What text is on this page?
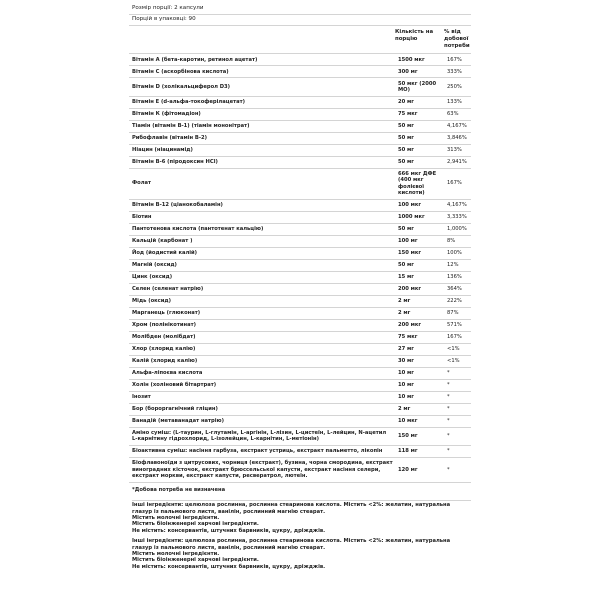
Розмір порції: 2 капсули
Порцій в упаковці: 90
Кількість на порцію
% від добової потреби
Вітамін А (бета-каротин, ретинол ацетат)	1500 мкг	167%
Вітамін С (аскорбінова кислота)	300 мг	333%
Вітамін D (холікальциферол D3)	50 мкг (2000 МО)	250%
Вітамін Е (d-альфа-токоферілацетат)	20 мг	133%
Вітамін К (фітомадіон)	75 мкг	63%
Тіамін (вітамін В-1) (тіамін мононітрат)	50 мг	4,167%
Рибофлавін (вітамін В-2)	50 мг	3,846%
Ніацин (ніацинамід)	50 мг	313%
Вітамін В-6 (піродоксин HCl)	50 мг	2,941%
Фолат	666 мкг ДФЕ (400 мкг фолієвої кислоти)	167%
Вітамін В-12 (ціанокобаламін)	100 мкг	4,167%
Біотин	1000 мкг	3,333%
Пантотенова кислота (пантотенат кальцію)	50 мг	1,000%
Кальцій (карбонат )	100 мг	8%
Йод (йодистий калій)	150 мкг	100%
Магній (оксид)	50 мг	12%
Цинк (оксид)	15 мг	136%
Селен (селенат натрію)	200 мкг	364%
Мідь (оксид)	2 мг	222%
Марганець (глюконат)	2 мг	87%
Хром (полінікотинат)	200 мкг	571%
Молібден (молібдат)	75 мкг	167%
Хлор (хлорид калію)	27 мг	<1%
Калій (хлорид калію)	30 мг	<1%
Альфа-ліпоєва кислота	10 мг	*
Холін (холіновий бітартрат)	10 мг	*
Інозит	10 мг	*
Бор (бороргагнічний гліцин)	2 мг	*
Ванадій (метаванадат натрію)	10 мкг	*
Аміно суміш: (L-таурин, L-глутамін, L-аргінін, L-лізин, L-цистеїн, L-лейцин, N-ацетил L-карнітину гідрохлорид, L-ізолейцин, L-карнітин, L-метіонін)	150 мг	*
Біоактивна суміш: насіння гарбуза, екстракт устриць, екстракт пальметто, лікопін	118 мг	*
Біофлавоноїди з цитрусових, чорниця (екстракт), бузина, чорна смородина, екстракт виноградних кісточок, екстракт брюссельської капусти, екстракт насіння селери, екстракт моркви, екстракт капусти, ресвератрол, лютеїн.	120 мг	*
*Добова потреба не визначена

Інші інгредієнти: целюлоза рослинна, рослинна стеаринова кислота. Містить <2%: желатин, натуральна глазур із пальмового листя, ванілін, рослинний магнію стеарат.

Містить молочні інгредієнти.

Містить біоінженерні харчові інгредієнти.

Не містить: консервантів, штучних барвників, цукру, дріжджів.

Інші інгредієнти: целюлоза рослинна, рослинна стеаринова кислота. Містить <2%: желатин, натуральна глазур із пальмового листя, ванілін, рослинний магнію стеарат.

Містить молочні інгредієнти.

Містить біоінженерні харчові інгредієнти.

Не містить: консервантів, штучних барвників, цукру, дріжджів.
